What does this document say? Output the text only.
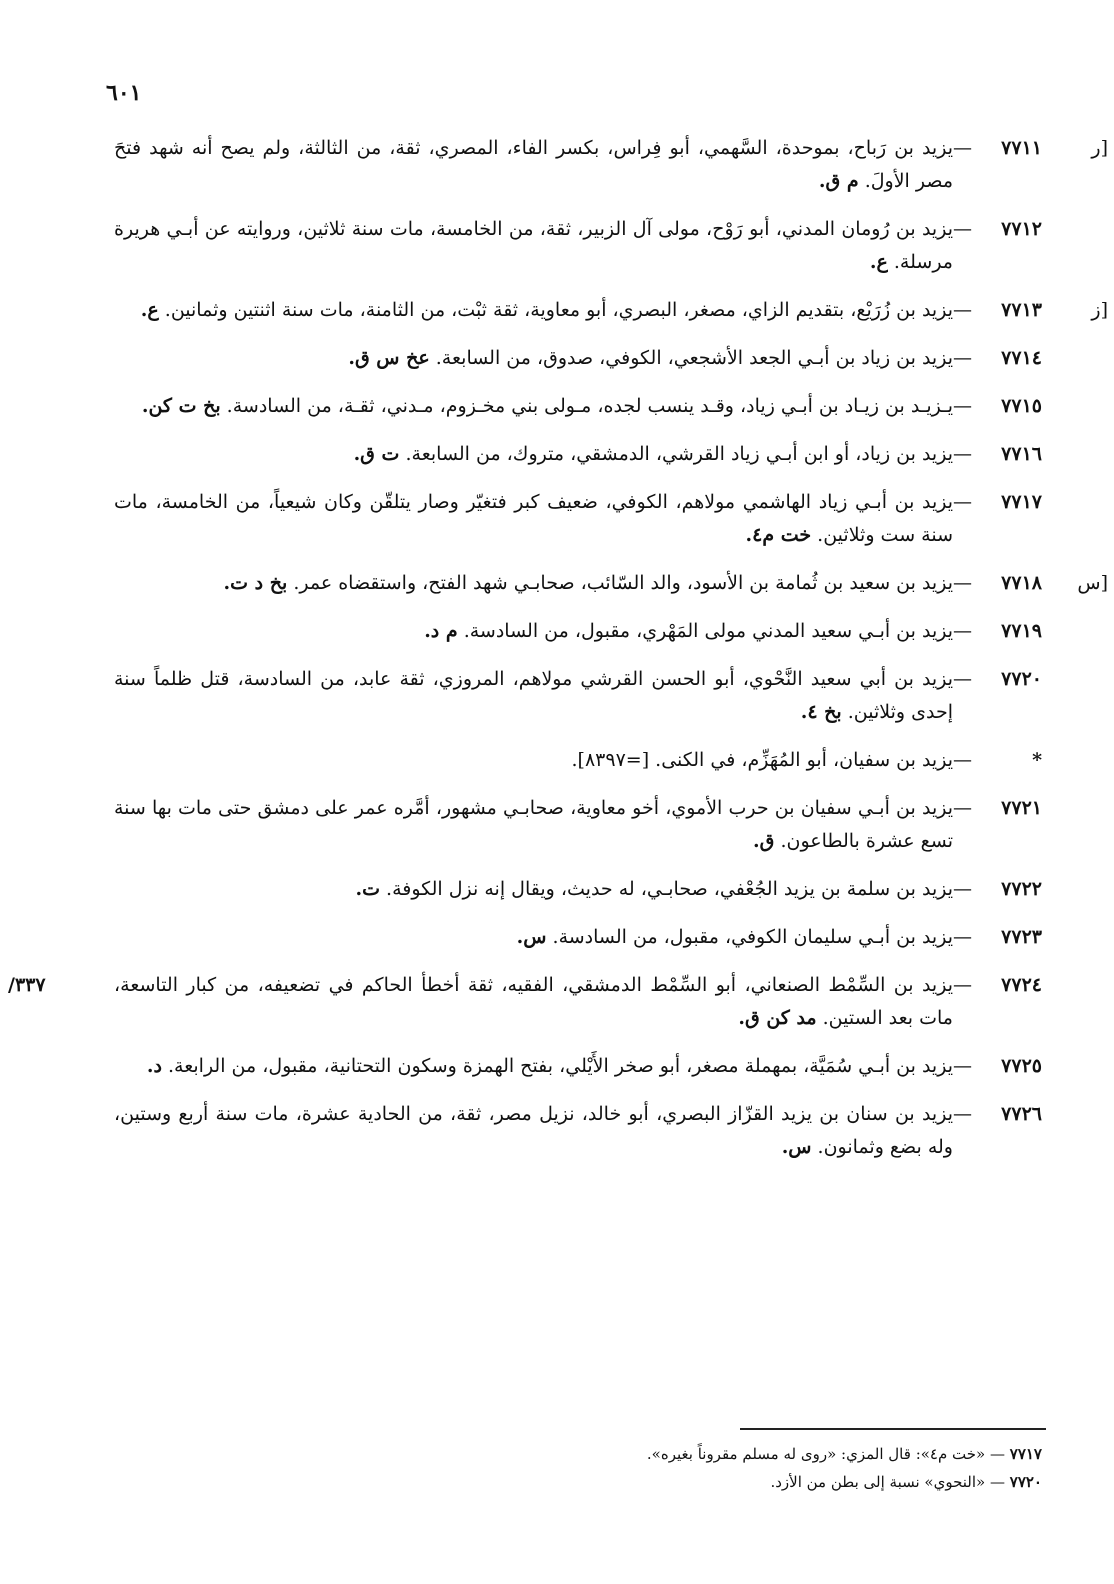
٦٠١
[ر
٧٧١١
—
يزيد بن رَباح، بموحدة، السَّهمي، أبو فِراس، بكسر الفاء، المصري، ثقة، من الثالثة، ولم يصح أنه شهد فتحَ مصر الأولَ. م ق.
٧٧١٢
—
يزيد بن رُومان المدني، أبو رَوْح، مولى آل الزبير، ثقة، من الخامسة، مات سنة ثلاثين، وروايته عن أبـي هريرة مرسلة. ع.
[ز
٧٧١٣
—
يزيد بن زُرَيْع، بتقديم الزاي، مصغر، البصري، أبو معاوية، ثقة ثبْت، من الثامنة، مات سنة اثنتين وثمانين. ع.
٧٧١٤
—
يزيد بن زياد بن أبـي الجعد الأشجعي، الكوفي، صدوق، من السابعة. عخ س ق.
٧٧١٥
—
يـزيـد بن زيـاد بن أبـي زياد، وقـد ينسب لجده، مـولى بني مخـزوم، مـدني، ثقـة، من السادسة. بخ ت كن.
٧٧١٦
—
يزيد بن زياد، أو ابن أبـي زياد القرشي، الدمشقي، متروك، من السابعة. ت ق.
٧٧١٧
—
يزيد بن أبـي زياد الهاشمي مولاهم، الكوفي، ضعيف كبر فتغيّر وصار يتلقّن وكان شيعياً، من الخامسة، مات سنة ست وثلاثين. خت م٤.
[س
٧٧١٨
—
يزيد بن سعيد بن ثُمامة بن الأسود، والد السّائب، صحابـي شهد الفتح، واستقضاه عمر. بخ د ت.
٧٧١٩
—
يزيد بن أبـي سعيد المدني مولى المَهْري، مقبول، من السادسة. م د.
٧٧٢٠
—
يزيد بن أبي سعيد النَّحْوي، أبو الحسن القرشي مولاهم، المروزي، ثقة عابد، من السادسة، قتل ظلماً سنة إحدى وثلاثين. بخ ٤.
*
—
يزيد بن سفيان، أبو المُهَزِّم، في الكنى. [=٨٣٩٧].
٧٧٢١
—
يزيد بن أبـي سفيان بن حرب الأموي، أخو معاوية، صحابـي مشهور، أمَّره عمر على دمشق حتى مات بها سنة تسع عشرة بالطاعون. ق.
٧٧٢٢
—
يزيد بن سلمة بن يزيد الجُعْفي، صحابـي، له حديث، ويقال إنه نزل الكوفة. ت.
٧٧٢٣
—
يزيد بن أبـي سليمان الكوفي، مقبول، من السادسة. س.
٧٧٢٤
—
يزيد بن السِّمْط الصنعاني، أبو السِّمْط الدمشقي، الفقيه، ثقة أخطأ الحاكم في تضعيفه، من كبار التاسعة، مات بعد الستين. مد كن ق.
/٣٣٧
٧٧٢٥
—
يزيد بن أبـي سُمَيَّة، بمهملة مصغر، أبو صخر الأَيْلي، بفتح الهمزة وسكون التحتانية، مقبول، من الرابعة. د.
٧٧٢٦
—
يزيد بن سنان بن يزيد القزّاز البصري، أبو خالد، نزيل مصر، ثقة، من الحادية عشرة، مات سنة أربع وستين، وله بضع وثمانون. س.
٧٧١٧ — «خت م٤»: قال المزي: «روى له مسلم مقروناً بغيره».
٧٧٢٠ — «النحوي» نسبة إلى بطن من الأزد.
